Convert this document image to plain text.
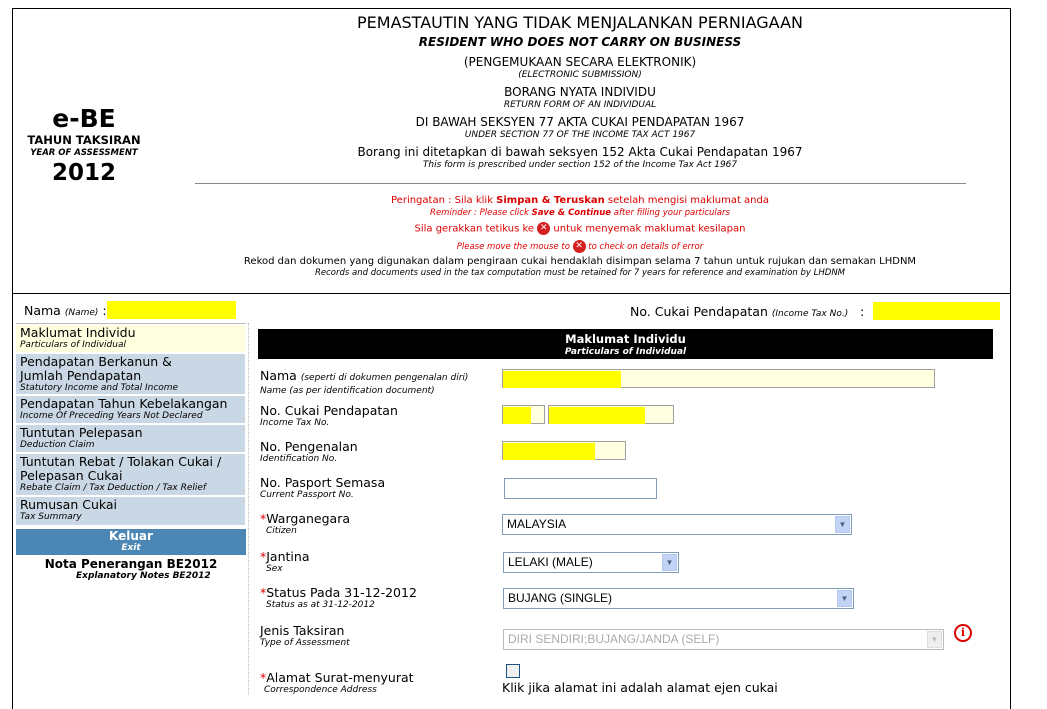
e-BE
TAHUN TAKSIRAN
YEAR OF ASSESSMENT
2012
PEMASTAUTIN YANG TIDAK MENJALANKAN PERNIAGAAN
RESIDENT WHO DOES NOT CARRY ON BUSINESS
(PENGEMUKAAN SECARA ELEKTRONIK)
(ELECTRONIC SUBMISSION)
BORANG NYATA INDIVIDU
RETURN FORM OF AN INDIVIDUAL
DI BAWAH SEKSYEN 77 AKTA CUKAI PENDAPATAN 1967
UNDER SECTION 77 OF THE INCOME TAX ACT 1967
Borang ini ditetapkan di bawah seksyen 152 Akta Cukai Pendapatan 1967
This form is prescribed under section 152 of the Income Tax Act 1967
Peringatan : Sila klik Simpan & Teruskan setelah mengisi maklumat anda
Reminder : Please click Save & Continue after filling your particulars
Sila gerakkan tetikus ke ✕ untuk menyemak maklumat kesilapan
Please move the mouse to ✕ to check on details of error
Rekod dan dokumen yang digunakan dalam pengiraan cukai hendaklah disimpan selama 7 tahun untuk rujukan dan semakan LHDNM
Records and documents used in the tax computation must be retained for 7 years for reference and examination by LHDNM
Nama (Name) :	No. Cukai Pendapatan (Income Tax No.) :
Maklumat Individu
Particulars of Individual
Pendapatan Berkanun & Jumlah Pendapatan
Statutory Income and Total Income
Pendapatan Tahun Kebelakangan
Income Of Preceding Years Not Declared
Tuntutan Pelepasan
Deduction Claim
Tuntutan Rebat / Tolakan Cukai / Pelepasan Cukai
Rebate Claim / Tax Deduction / Tax Relief
Rumusan Cukai
Tax Summary
Keluar
Exit
Nota Penerangan BE2012
Explanatory Notes BE2012
Maklumat Individu
Particulars of Individual
Nama (seperti di dokumen pengenalan diri)
Name (as per identification document)
No. Cukai Pendapatan
Income Tax No.
No. Pengenalan
Identification No.
No. Pasport Semasa
Current Passport No.
*Warganegara
Citizen	MALAYSIA	▼
*Jantina
Sex	LELAKI (MALE)	▼
*Status Pada 31-12-2012
Status as at 31-12-2012	BUJANG (SINGLE)	▼
Jenis Taksiran
Type of Assessment	DIRI SENDIRI;BUJANG/JANDA (SELF)	▼
i
*Alamat Surat-menyurat
Correspondence Address	Klik jika alamat ini adalah alamat ejen cukai
